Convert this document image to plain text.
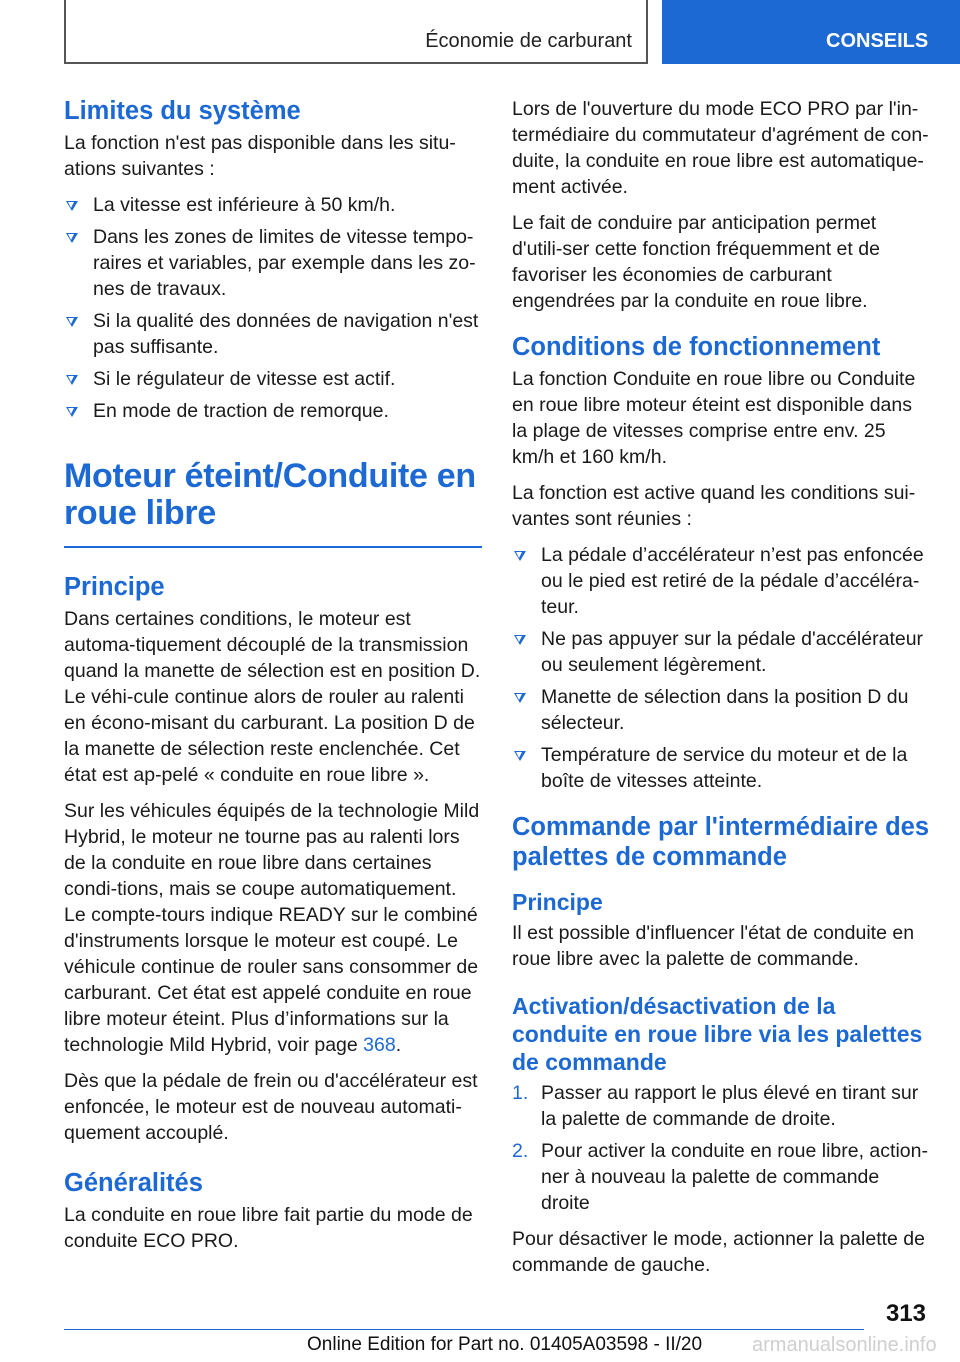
Économie de carburant	CONSEILS
Limites du système

La fonction n'est pas disponible dans les situ-ations suivantes :

La vitesse est inférieure à 50 km/h.
Dans les zones de limites de vitesse tempo-raires et variables, par exemple dans les zo-nes de travaux.
Si la qualité des données de navigation n'est pas suffisante.
Si le régulateur de vitesse est actif.
En mode de traction de remorque.
Moteur éteint/Conduite en roue libre
Principe

Dans certaines conditions, le moteur est automa-tiquement découplé de la transmission quand la manette de sélection est en position D. Le véhi-cule continue alors de rouler au ralenti en écono-misant du carburant. La position D de la manette de sélection reste enclenchée. Cet état est ap-pelé « conduite en roue libre ».

Sur les véhicules équipés de la technologie Mild Hybrid, le moteur ne tourne pas au ralenti lors de la conduite en roue libre dans certaines condi-tions, mais se coupe automatiquement. Le compte-tours indique READY sur le combiné d'instruments lorsque le moteur est coupé. Le véhicule continue de rouler sans consommer de carburant. Cet état est appelé conduite en roue libre moteur éteint. Plus d’informations sur la technologie Mild Hybrid, voir page 368.

Dès que la pédale de frein ou d'accélérateur est enfoncée, le moteur est de nouveau automati-quement accouplé.

Généralités

La conduite en roue libre fait partie du mode de conduite ECO PRO.

Lors de l'ouverture du mode ECO PRO par l'in-termédiaire du commutateur d'agrément de con-duite, la conduite en roue libre est automatique-ment activée.

Le fait de conduire par anticipation permet d'utili-ser cette fonction fréquemment et de favoriser les économies de carburant engendrées par la conduite en roue libre.

Conditions de fonctionnement

La fonction Conduite en roue libre ou Conduite en roue libre moteur éteint est disponible dans la plage de vitesses comprise entre env. 25 km/h et 160 km/h.

La fonction est active quand les conditions sui-vantes sont réunies :

La pédale d’accélérateur n’est pas enfoncée ou le pied est retiré de la pédale d’accéléra-teur.
Ne pas appuyer sur la pédale d'accélérateur ou seulement légèrement.
Manette de sélection dans la position D du sélecteur.
Température de service du moteur et de la boîte de vitesses atteinte.
Commande par l'intermédiaire des palettes de commande
Principe

Il est possible d'influencer l'état de conduite en roue libre avec la palette de commande.

Activation/désactivation de la conduite en roue libre via les palettes de commande
1. Passer au rapport le plus élevé en tirant sur la palette de commande de droite.
2. Pour activer la conduite en roue libre, action-ner à nouveau la palette de commande droite

Pour désactiver le mode, actionner la palette de commande de gauche.

313
Online Edition for Part no. 01405A03598 - II/20 armanualsonline.info
